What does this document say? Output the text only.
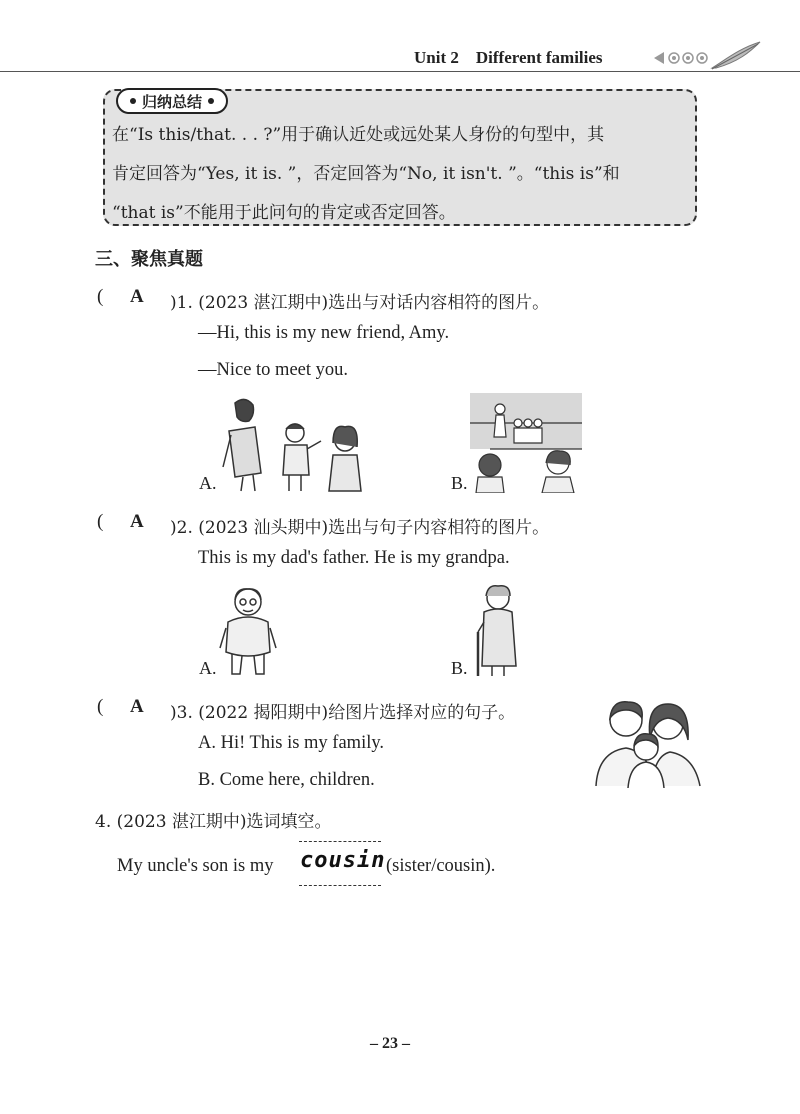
Unit 2 Different families
归纳总结
在“Is this/that. . . ?”用于确认近处或远处某人身份的句型中，其
肯定回答为“Yes, it is. ”，否定回答为“No, it isn't. ”。“this is”和
“that is”不能用于此问句的肯定或否定回答。
三、聚焦真题
( A )1. (2023 湛江期中)选出与对话内容相符的图片。
—Hi, this is my new friend, Amy.
—Nice to meet you.
A.	B.
( A )2. (2023 汕头期中)选出与句子内容相符的图片。
This is my dad's father. He is my grandpa.
A.	B.
( A )3. (2022 揭阳期中)给图片选择对应的句子。
A. Hi! This is my family.
B. Come here, children.
4. (2023 湛江期中)选词填空。
My uncle's son is my cousin (sister/cousin).
– 23 –
